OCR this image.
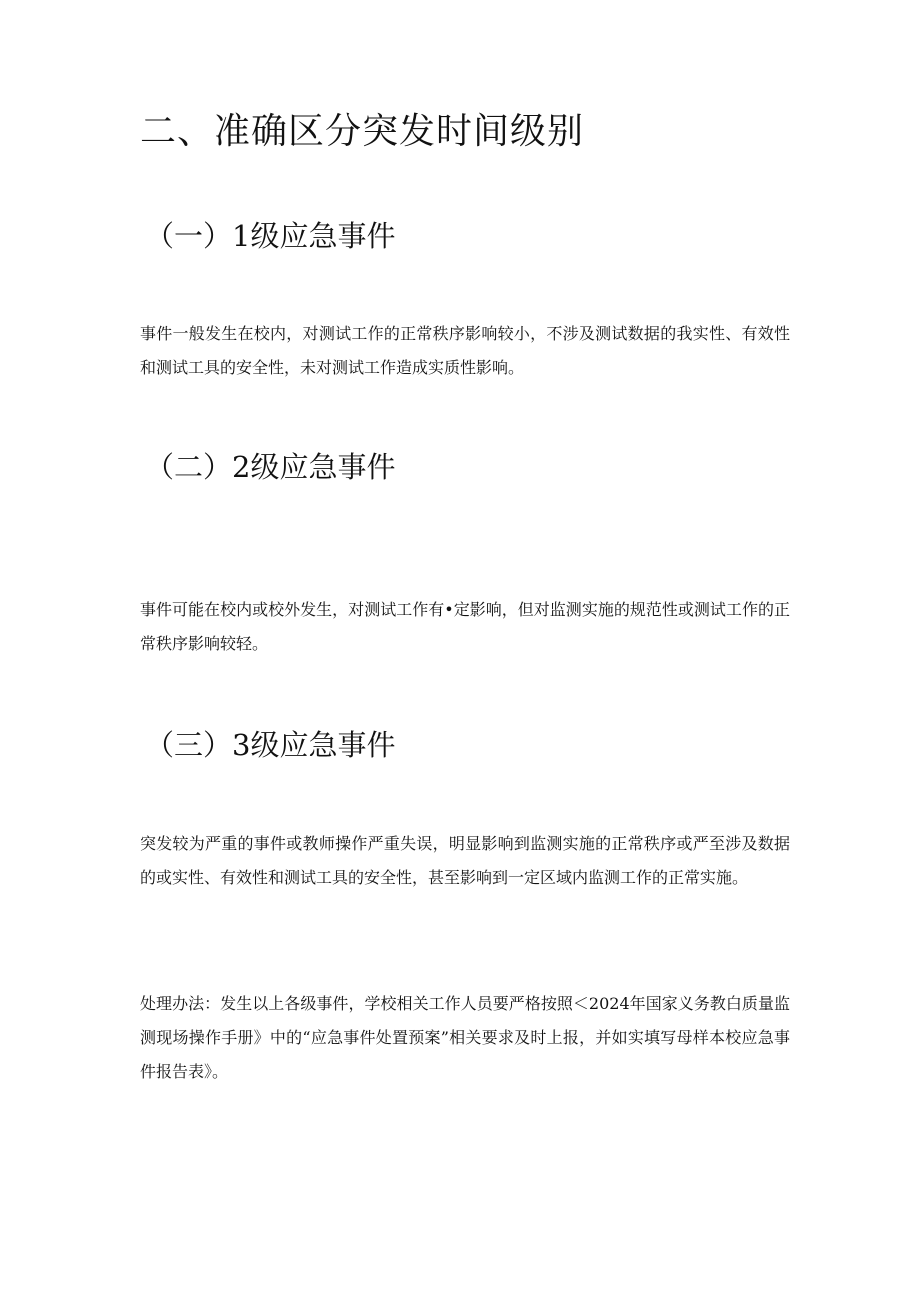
二、准确区分突发时间级别
（一）1级应急事件

事件一般发生在校内，对测试工作的正常秩序影响较小，不涉及测试数据的我实性、有效性和测试工具的安全性，未对测试工作造成实质性影响。

（二）2级应急事件

事件可能在校内或校外发生，对测试工作有•定影响，但对监测实施的规范性或测试工作的正常秩序影响较轻。

（三）3级应急事件

突发较为严重的事件或教师操作严重失误，明显影响到监测实施的正常秩序或严至涉及数据的或实性、有效性和测试工具的安全性，甚至影响到一定区域内监测工作的正常实施。

处理办法：发生以上各级事件，学校相关工作人员要严格按照＜2024年国家义务教白质量监测现场操作手册》中的“应急事件处置预案”相关要求及时上报，并如实填写母样本校应急事件报告表》。
